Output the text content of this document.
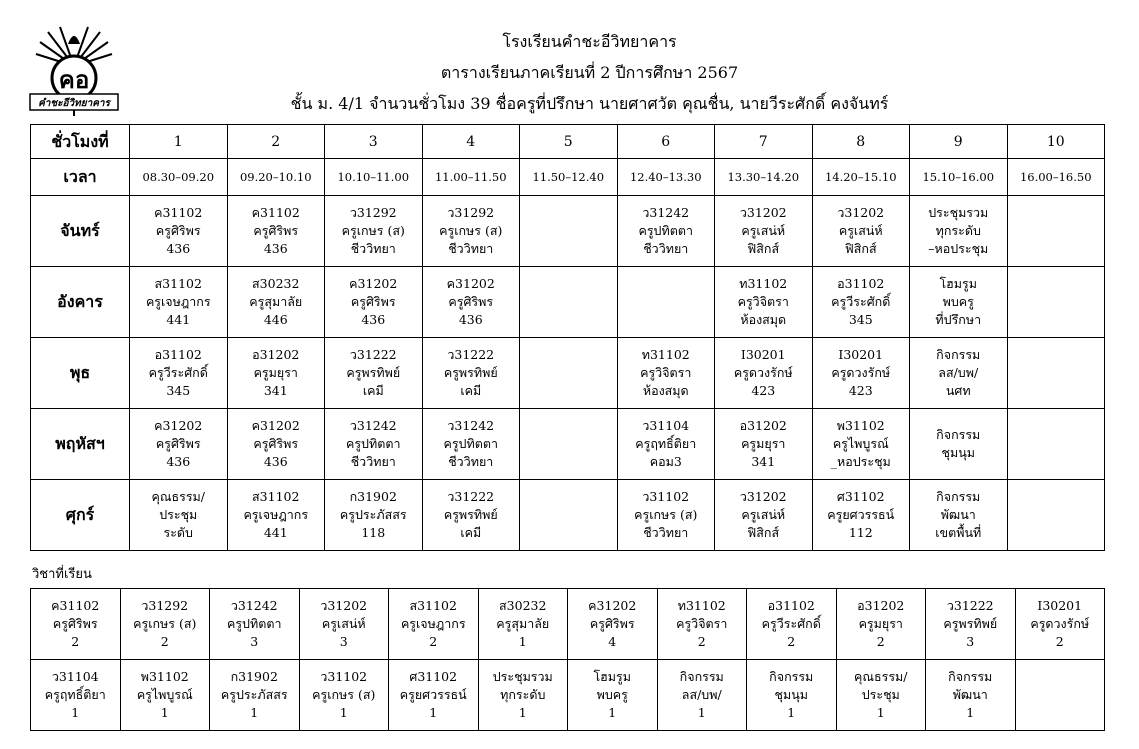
คอ
คำชะอีวิทยาคาร
โรงเรียนคำชะอีวิทยาคาร
ตารางเรียนภาคเรียนที่ 2 ปีการศึกษา 2567
ชั้น ม. 4/1 จำนวนชั่วโมง 39 ชื่อครูที่ปรึกษา นายศาศวัต คุณชื่น, นายวีระศักดิ์ คงจันทร์
ชั่วโมงที่	1	2	3	4	5	6	7	8	9	10
เวลา	08.30–09.20	09.20–10.10	10.10–11.00	11.00–11.50	11.50–12.40	12.40–13.30	13.30–14.20	14.20–15.10	15.10–16.00	16.00–16.50
จันทร์	ค31102
ครูศิริพร
436	ค31102
ครูศิริพร
436	ว31292
ครูเกษร (ส)
ชีววิทยา	ว31292
ครูเกษร (ส)
ชีววิทยา		ว31242
ครูปทิตตา
ชีววิทยา	ว31202
ครูเสน่ห์
ฟิสิกส์	ว31202
ครูเสน่ห์
ฟิสิกส์	ประชุมรวม
ทุกระดับ
–หอประชุม	

อังคาร	ส31102
ครูเจษฎากร
441	ส30232
ครูสุมาลัย
446	ค31202
ครูศิริพร
436	ค31202
ครูศิริพร
436			ท31102
ครูวิจิตรา
ห้องสมุด	อ31102
ครูวีระศักดิ์
345	โฮมรูม
พบครู
ที่ปรึกษา	

พุธ	อ31102
ครูวีระศักดิ์
345	อ31202
ครูมยุรา
341	ว31222
ครูพรทิพย์
เคมี	ว31222
ครูพรทิพย์
เคมี		ท31102
ครูวิจิตรา
ห้องสมุด	I30201
ครูดวงรักษ์
423	I30201
ครูดวงรักษ์
423	กิจกรรม
ลส/บพ/
นศท	

พฤหัสฯ	ค31202
ครูศิริพร
436	ค31202
ครูศิริพร
436	ว31242
ครูปทิตตา
ชีววิทยา	ว31242
ครูปทิตตา
ชีววิทยา		ว31104
ครูฤทธิ์ติยา
คอม3	อ31202
ครูมยุรา
341	พ31102
ครูไพบูรณ์
_หอประชุม	กิจกรรม
ชุมนุม	

ศุกร์	คุณธรรม/
ประชุม
ระดับ	ส31102
ครูเจษฎากร
441	ก31902
ครูประภัสสร
118	ว31222
ครูพรทิพย์
เคมี		ว31102
ครูเกษร (ส)
ชีววิทยา	ว31202
ครูเสน่ห์
ฟิสิกส์	ศ31102
ครูยศวรรธน์
112	กิจกรรม
พัฒนา
เขตพื้นที่	

วิชาที่เรียน
ค31102
ครูศิริพร
2	ว31292
ครูเกษร (ส)
2	ว31242
ครูปทิตตา
3	ว31202
ครูเสน่ห์
3	ส31102
ครูเจษฎากร
2	ส30232
ครูสุมาลัย
1	ค31202
ครูศิริพร
4	ท31102
ครูวิจิตรา
2	อ31102
ครูวีระศักดิ์
2	อ31202
ครูมยุรา
2	ว31222
ครูพรทิพย์
3	I30201
ครูดวงรักษ์
2

ว31104
ครูฤทธิ์ติยา
1	พ31102
ครูไพบูรณ์
1	ก31902
ครูประภัสสร
1	ว31102
ครูเกษร (ส)
1	ศ31102
ครูยศวรรธน์
1	ประชุมรวม
ทุกระดับ
1	โฮมรูม
พบครู
1	กิจกรรม
ลส/บพ/
1	กิจกรรม
ชุมนุม
1	คุณธรรม/
ประชุม
1	กิจกรรม
พัฒนา
1	
